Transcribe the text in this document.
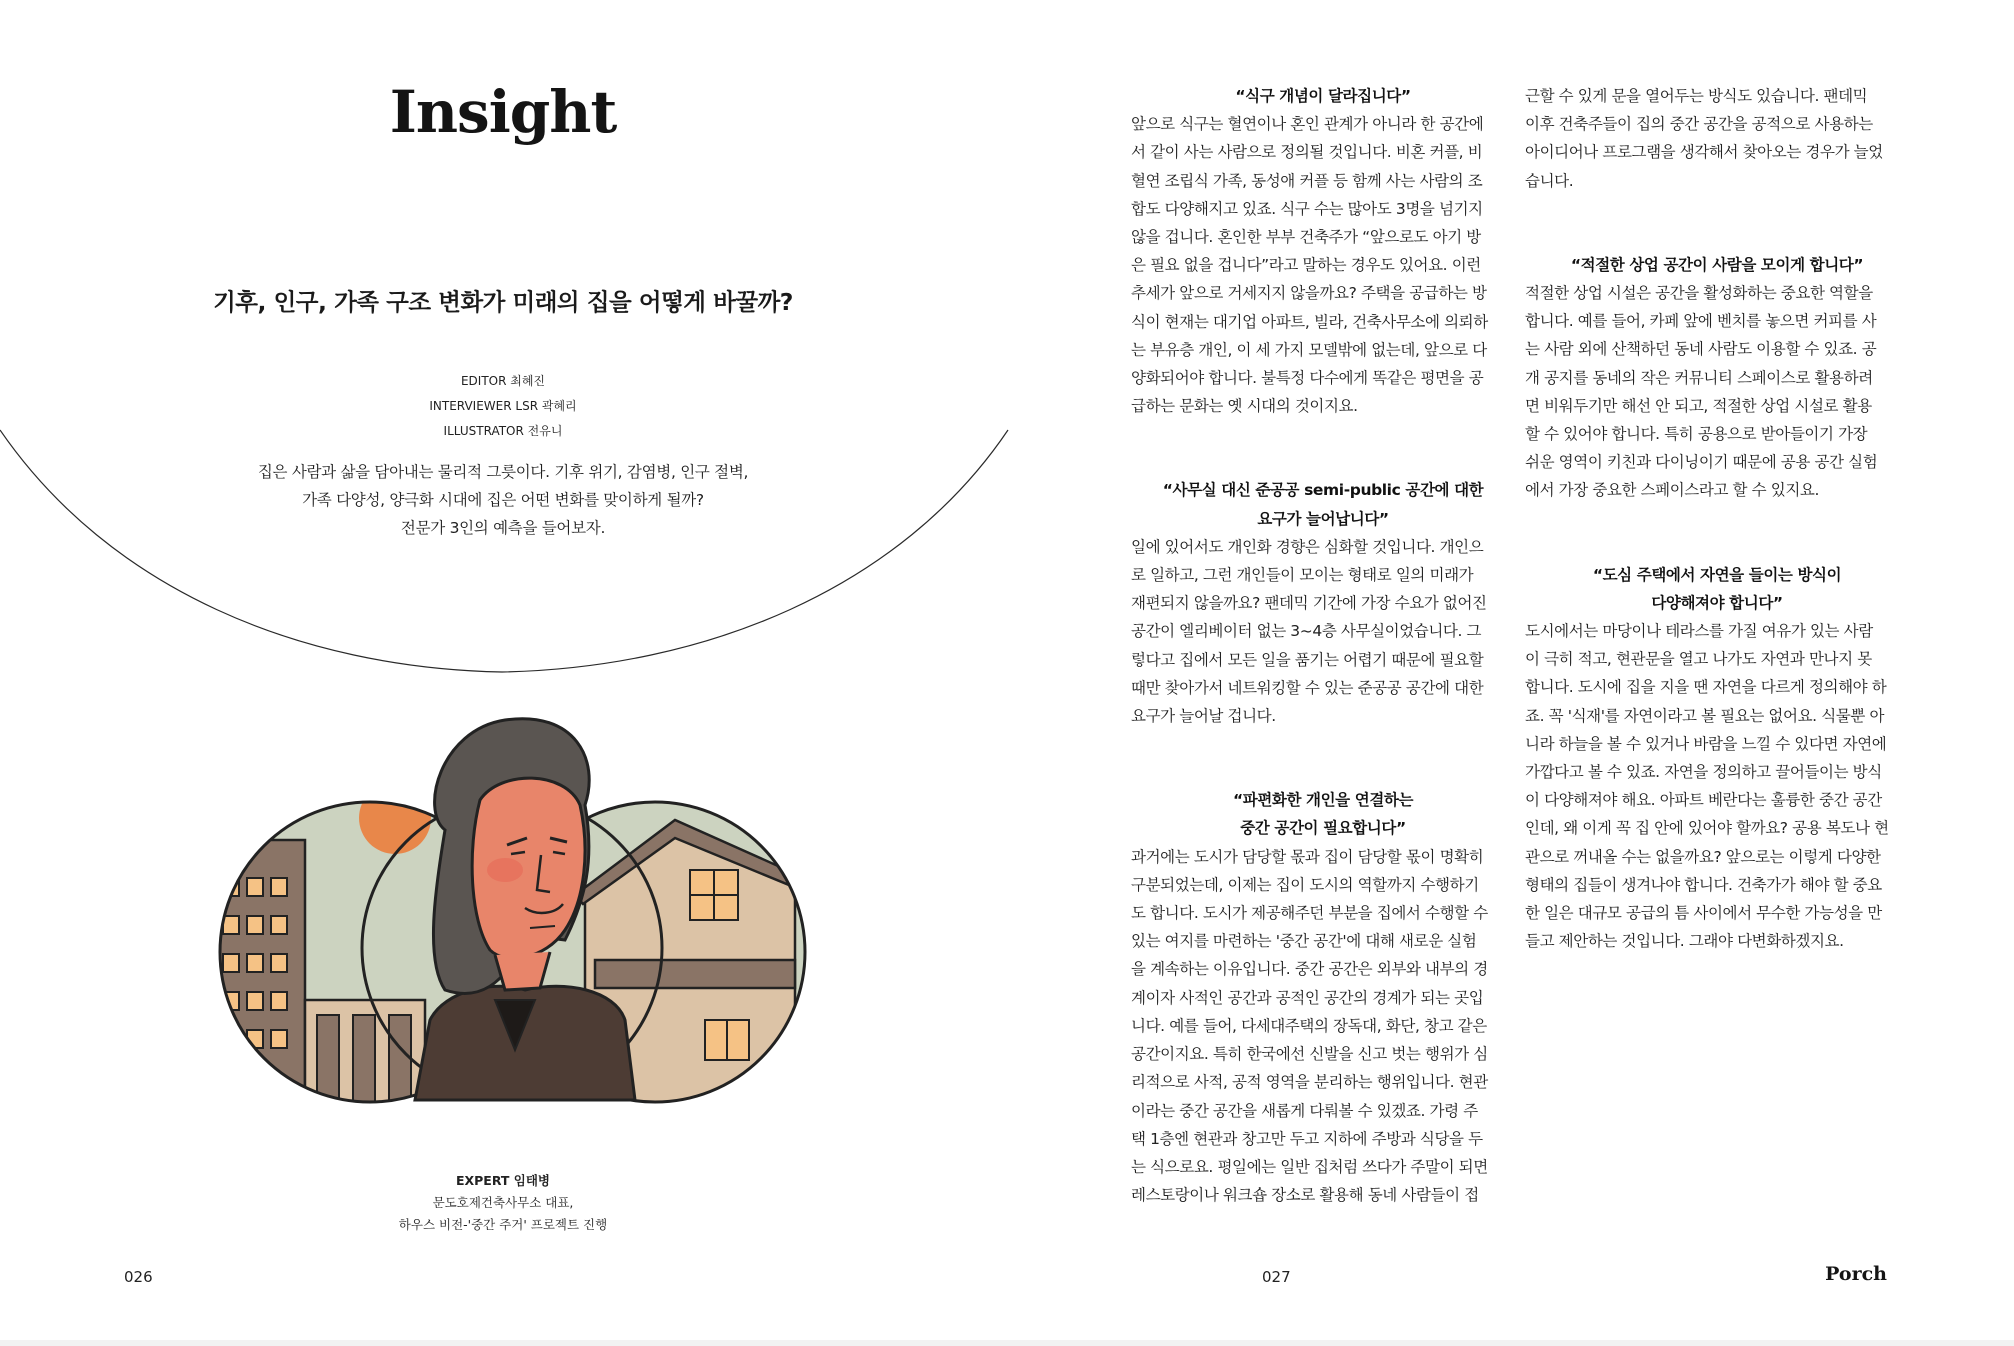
Insight
기후, 인구, 가족 구조 변화가 미래의 집을 어떻게 바꿀까?
EDITOR 최혜진
INTERVIEWER LSR 곽혜리
ILLUSTRATOR 전유니
집은 사람과 삶을 담아내는 물리적 그릇이다. 기후 위기, 감염병, 인구 절벽,
가족 다양성, 양극화 시대에 집은 어떤 변화를 맞이하게 될까?
전문가 3인의 예측을 들어보자.
EXPERT 임태병
문도호제건축사무소 대표,
하우스 비전-'중간 주거' 프로젝트 진행
026
“식구 개념이 달라집니다”
앞으로 식구는 혈연이나 혼인 관계가 아니라 한 공간에
서 같이 사는 사람으로 정의될 것입니다. 비혼 커플, 비
혈연 조립식 가족, 동성애 커플 등 함께 사는 사람의 조
합도 다양해지고 있죠. 식구 수는 많아도 3명을 넘기지
않을 겁니다. 혼인한 부부 건축주가 “앞으로도 아기 방
은 필요 없을 겁니다”라고 말하는 경우도 있어요. 이런
추세가 앞으로 거세지지 않을까요? 주택을 공급하는 방
식이 현재는 대기업 아파트, 빌라, 건축사무소에 의뢰하
는 부유층 개인, 이 세 가지 모델밖에 없는데, 앞으로 다
양화되어야 합니다. 불특정 다수에게 똑같은 평면을 공
급하는 문화는 옛 시대의 것이지요.
“사무실 대신 준공공 semi-public 공간에 대한
요구가 늘어납니다”
일에 있어서도 개인화 경향은 심화할 것입니다. 개인으
로 일하고, 그런 개인들이 모이는 형태로 일의 미래가
재편되지 않을까요? 팬데믹 기간에 가장 수요가 없어진
공간이 엘리베이터 없는 3~4층 사무실이었습니다. 그
렇다고 집에서 모든 일을 품기는 어렵기 때문에 필요할
때만 찾아가서 네트워킹할 수 있는 준공공 공간에 대한
요구가 늘어날 겁니다.
“파편화한 개인을 연결하는
중간 공간이 필요합니다”
과거에는 도시가 담당할 몫과 집이 담당할 몫이 명확히
구분되었는데, 이제는 집이 도시의 역할까지 수행하기
도 합니다. 도시가 제공해주던 부분을 집에서 수행할 수
있는 여지를 마련하는 '중간 공간'에 대해 새로운 실험
을 계속하는 이유입니다. 중간 공간은 외부와 내부의 경
계이자 사적인 공간과 공적인 공간의 경계가 되는 곳입
니다. 예를 들어, 다세대주택의 장독대, 화단, 창고 같은
공간이지요. 특히 한국에선 신발을 신고 벗는 행위가 심
리적으로 사적, 공적 영역을 분리하는 행위입니다. 현관
이라는 중간 공간을 새롭게 다뤄볼 수 있겠죠. 가령 주
택 1층엔 현관과 창고만 두고 지하에 주방과 식당을 두
는 식으로요. 평일에는 일반 집처럼 쓰다가 주말이 되면
레스토랑이나 워크숍 장소로 활용해 동네 사람들이 접
근할 수 있게 문을 열어두는 방식도 있습니다. 팬데믹
이후 건축주들이 집의 중간 공간을 공적으로 사용하는
아이디어나 프로그램을 생각해서 찾아오는 경우가 늘었
습니다.
“적절한 상업 공간이 사람을 모이게 합니다”
적절한 상업 시설은 공간을 활성화하는 중요한 역할을
합니다. 예를 들어, 카페 앞에 벤치를 놓으면 커피를 사
는 사람 외에 산책하던 동네 사람도 이용할 수 있죠. 공
개 공지를 동네의 작은 커뮤니티 스페이스로 활용하려
면 비워두기만 해선 안 되고, 적절한 상업 시설로 활용
할 수 있어야 합니다. 특히 공용으로 받아들이기 가장
쉬운 영역이 키친과 다이닝이기 때문에 공용 공간 실험
에서 가장 중요한 스페이스라고 할 수 있지요.
“도심 주택에서 자연을 들이는 방식이
다양해져야 합니다”
도시에서는 마당이나 테라스를 가질 여유가 있는 사람
이 극히 적고, 현관문을 열고 나가도 자연과 만나지 못
합니다. 도시에 집을 지을 땐 자연을 다르게 정의해야 하
죠. 꼭 '식재'를 자연이라고 볼 필요는 없어요. 식물뿐 아
니라 하늘을 볼 수 있거나 바람을 느낄 수 있다면 자연에
가깝다고 볼 수 있죠. 자연을 정의하고 끌어들이는 방식
이 다양해져야 해요. 아파트 베란다는 훌륭한 중간 공간
인데, 왜 이게 꼭 집 안에 있어야 할까요? 공용 복도나 현
관으로 꺼내올 수는 없을까요? 앞으로는 이렇게 다양한
형태의 집들이 생겨나야 합니다. 건축가가 해야 할 중요
한 일은 대규모 공급의 틈 사이에서 무수한 가능성을 만
들고 제안하는 것입니다. 그래야 다변화하겠지요.
027	Porch
